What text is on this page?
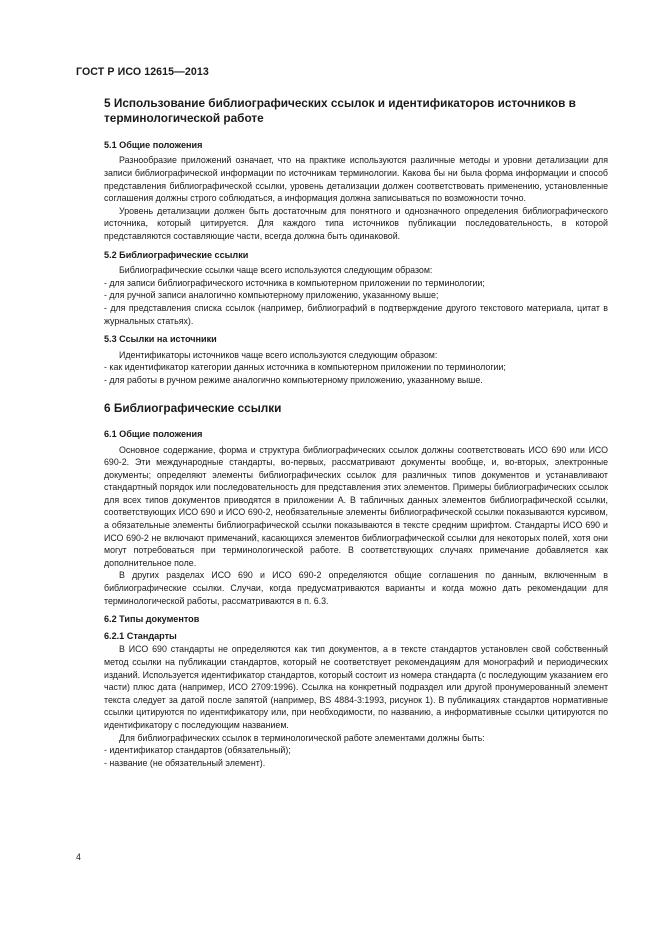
ГОСТ Р ИСО 12615—2013
5 Использование библиографических ссылок и идентификаторов источников в терминологической работе
5.1 Общие положения

Разнообразие приложений означает, что на практике используются различные методы и уровни детализации для записи библиографической информации по источникам терминологии. Какова бы ни была форма информации и способ представления библиографической ссылки, уровень детализации должен соответствовать применению, установленные соглашения должны строго соблюдаться, а информация должна записываться по возможности точно.

Уровень детализации должен быть достаточным для понятного и однозначного определения библиографического источника, который цитируется. Для каждого типа источников публикации последовательность, в которой представляются составляющие части, всегда должна быть одинаковой.

5.2 Библиографические ссылки

Библиографические ссылки чаще всего используются следующим образом:

- для записи библиографического источника в компьютерном приложении по терминологии;
- для ручной записи аналогично компьютерному приложению, указанному выше;
- для представления списка ссылок (например, библиографий в подтверждение другого текстового материала, цитат в журнальных статьях).
5.3 Ссылки на источники

Идентификаторы источников чаще всего используются следующим образом:

- как идентификатор категории данных источника в компьютерном приложении по терминологии;
- для работы в ручном режиме аналогично компьютерному приложению, указанному выше.
6 Библиографические ссылки
6.1 Общие положения

Основное содержание, форма и структура библиографических ссылок должны соответствовать ИСО 690 или ИСО 690-2. Эти международные стандарты, во-первых, рассматривают документы вообще, и, во-вторых, электронные документы; определяют элементы библиографических ссылок для различных типов документов и устанавливают стандартный порядок или последовательность для представления этих элементов. Примеры библиографических ссылок для всех типов документов приводятся в приложении А. В табличных данных элементов библиографической ссылки, соответствующих ИСО 690 и ИСО 690-2, необязательные элементы библиографической ссылки показываются курсивом, а обязательные элементы библиографической ссылки показываются в тексте средним шрифтом. Стандарты ИСО 690 и ИСО 690-2 не включают примечаний, касающихся элементов библиографической ссылки для некоторых полей, хотя они могут потребоваться при терминологической работе. В соответствующих случаях примечание добавляется как дополнительное поле.

В других разделах ИСО 690 и ИСО 690-2 определяются общие соглашения по данным, включенным в библиографические ссылки. Случаи, когда предусматриваются варианты и когда можно дать рекомендации для терминологической работы, рассматриваются в п. 6.3.

6.2 Типы документов
6.2.1 Стандарты

В ИСО 690 стандарты не определяются как тип документов, а в тексте стандартов установлен свой собственный метод ссылки на публикации стандартов, который не соответствует рекомендациям для монографий и периодических изданий. Используется идентификатор стандартов, который состоит из номера стандарта (с последующим указанием его части) плюс дата (например, ИСО 2709:1996). Ссылка на конкретный подраздел или другой пронумерованный элемент текста следует за датой после запятой (например, BS 4884-3:1993, рисунок 1). В публикациях стандартов нормативные ссылки цитируются по идентификатору или, при необходимости, по названию, а информативные ссылки цитируются по идентификатору с последующим названием.

Для библиографических ссылок в терминологической работе элементами должны быть:

- идентификатор стандартов (обязательный);
- название (не обязательный элемент).
4
